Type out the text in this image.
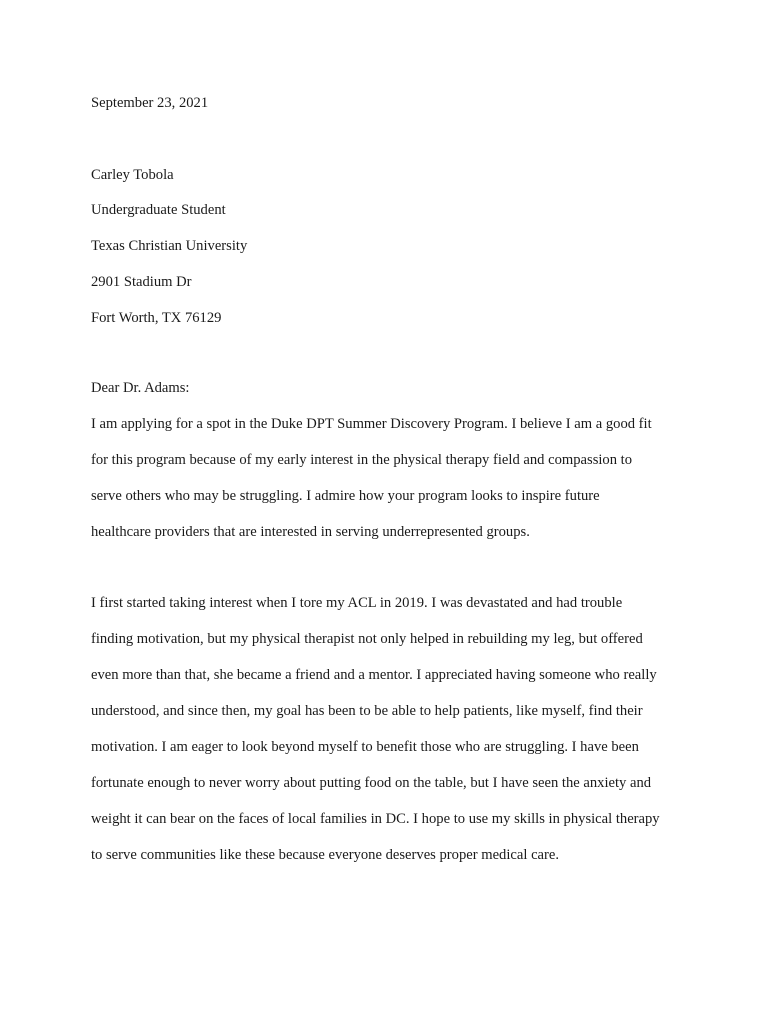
September 23, 2021

Carley Tobola

Undergraduate Student

Texas Christian University

2901 Stadium Dr

Fort Worth, TX 76129

Dear Dr. Adams:

I am applying for a spot in the Duke DPT Summer Discovery Program. I believe I am a good fit

for this program because of my early interest in the physical therapy field and compassion to

serve others who may be struggling. I admire how your program looks to inspire future

healthcare providers that are interested in serving underrepresented groups.

I first started taking interest when I tore my ACL in 2019. I was devastated and had trouble

finding motivation, but my physical therapist not only helped in rebuilding my leg, but offered

even more than that, she became a friend and a mentor. I appreciated having someone who really

understood, and since then, my goal has been to be able to help patients, like myself, find their

motivation. I am eager to look beyond myself to benefit those who are struggling. I have been

fortunate enough to never worry about putting food on the table, but I have seen the anxiety and

weight it can bear on the faces of local families in DC. I hope to use my skills in physical therapy

to serve communities like these because everyone deserves proper medical care.
